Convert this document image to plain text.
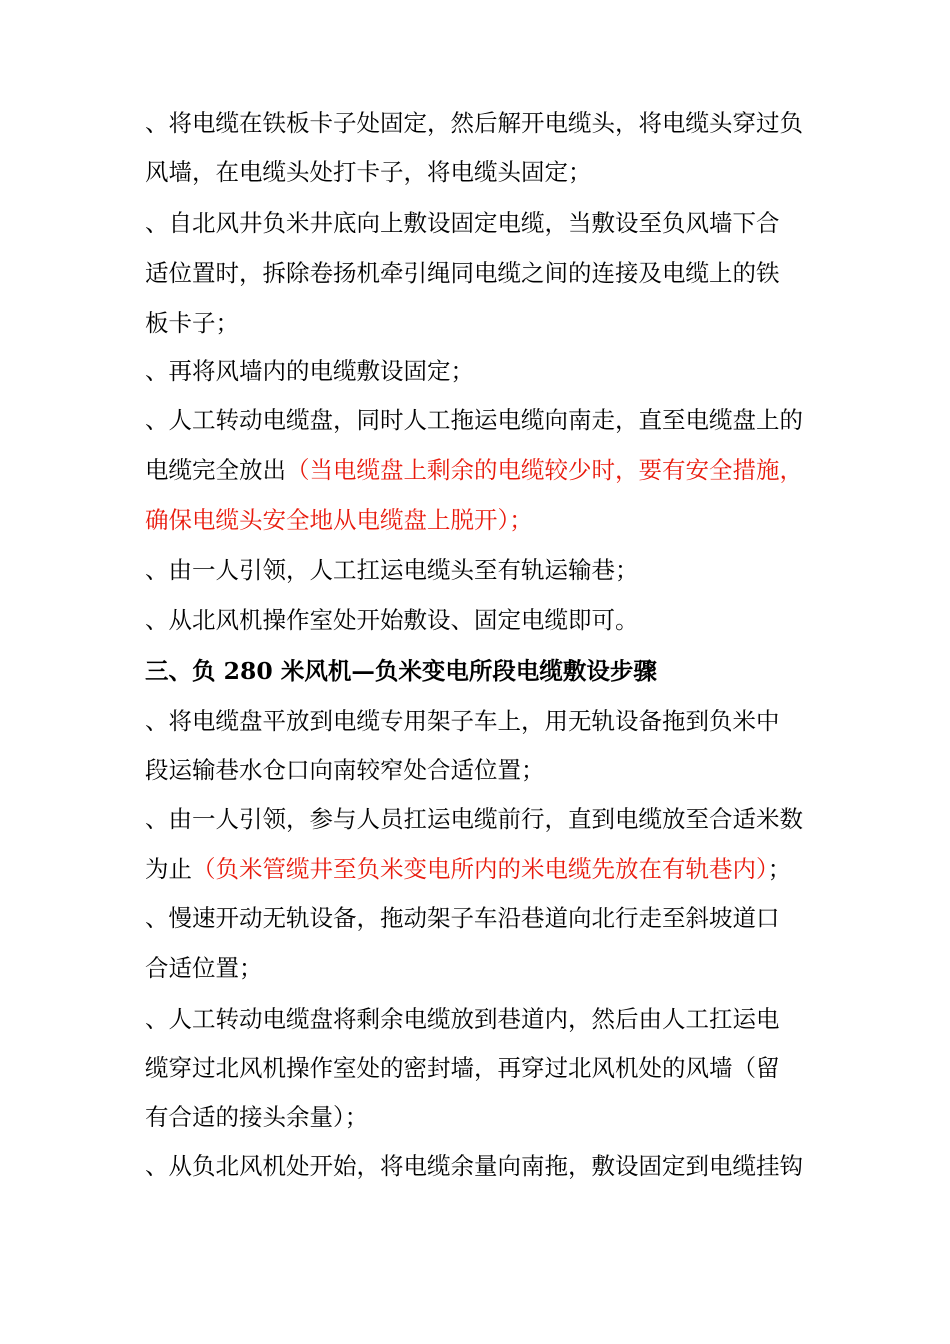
、将电缆在铁板卡子处固定，然后解开电缆头，将电缆头穿过负
风墙，在电缆头处打卡子，将电缆头固定；
、自北风井负米井底向上敷设固定电缆，当敷设至负风墙下合
适位置时，拆除卷扬机牵引绳同电缆之间的连接及电缆上的铁
板卡子；
、再将风墙内的电缆敷设固定；
、人工转动电缆盘，同时人工拖运电缆向南走，直至电缆盘上的
电缆完全放出（当电缆盘上剩余的电缆较少时，要有安全措施，
确保电缆头安全地从电缆盘上脱开）；
、由一人引领，人工扛运电缆头至有轨运输巷；
、从北风机操作室处开始敷设、固定电缆即可。
三、负 280 米风机—负米变电所段电缆敷设步骤
、将电缆盘平放到电缆专用架子车上，用无轨设备拖到负米中
段运输巷水仓口向南较窄处合适位置；
、由一人引领，参与人员扛运电缆前行，直到电缆放至合适米数
为止（负米管缆井至负米变电所内的米电缆先放在有轨巷内）；
、慢速开动无轨设备，拖动架子车沿巷道向北行走至斜坡道口
合适位置；
、人工转动电缆盘将剩余电缆放到巷道内，然后由人工扛运电
缆穿过北风机操作室处的密封墙，再穿过北风机处的风墙（留
有合适的接头余量）；
、从负北风机处开始，将电缆余量向南拖，敷设固定到电缆挂钩
